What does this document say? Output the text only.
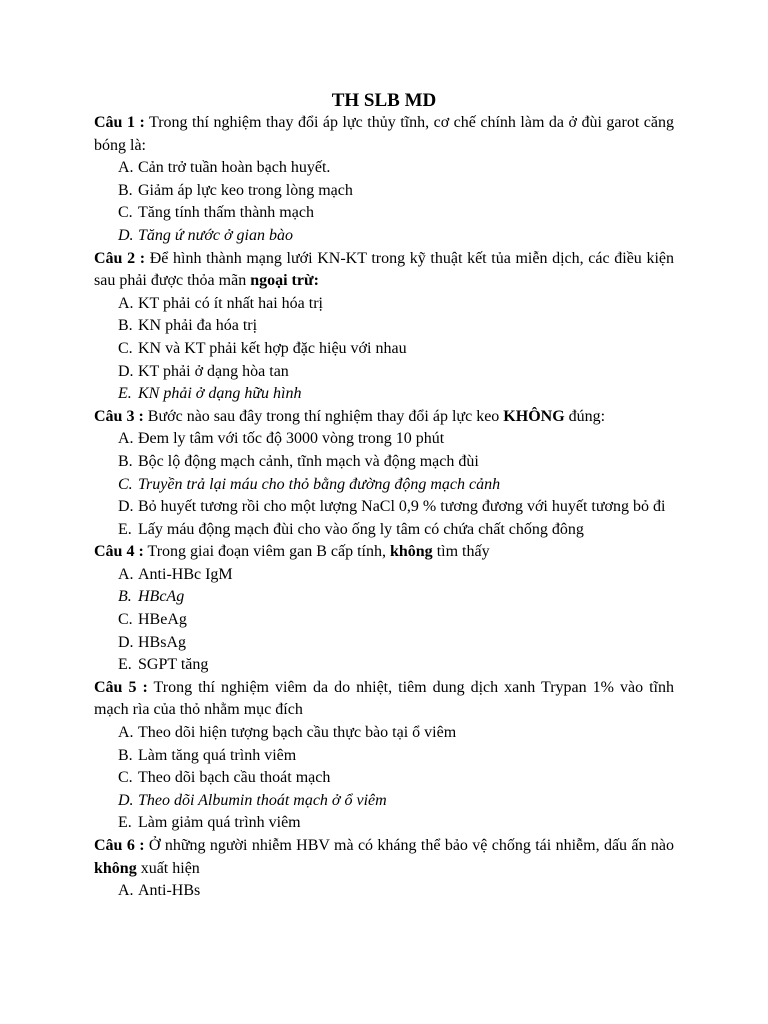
TH SLB MD
Câu 1 : Trong thí nghiệm thay đổi áp lực thủy tĩnh, cơ chế chính làm da ở đùi garot căng bóng là:
A. Cản trở tuần hoàn bạch huyết.
B. Giảm áp lực keo trong lòng mạch
C. Tăng tính thấm thành mạch
D. Tăng ứ nước ở gian bào
Câu 2 : Để hình thành mạng lưới KN-KT trong kỹ thuật kết tủa miễn dịch, các điều kiện sau phải được thỏa mãn ngoại trừ:
A. KT phải có ít nhất hai hóa trị
B. KN phải đa hóa trị
C. KN và KT phải kết hợp đặc hiệu với nhau
D. KT phải ở dạng hòa tan
E. KN phải ở dạng hữu hình
Câu 3 : Bước nào sau đây trong thí nghiệm thay đổi áp lực keo KHÔNG đúng:
A. Đem ly tâm với tốc độ 3000 vòng trong 10 phút
B. Bộc lộ động mạch cảnh, tĩnh mạch và động mạch đùi
C. Truyền trả lại máu cho thỏ bằng đường động mạch cảnh
D. Bỏ huyết tương rồi cho một lượng NaCl 0,9 % tương đương với huyết tương bỏ đi
E. Lấy máu động mạch đùi cho vào ống ly tâm có chứa chất chống đông
Câu 4 : Trong giai đoạn viêm gan B cấp tính, không tìm thấy
A. Anti-HBc IgM
B. HBcAg
C. HBeAg
D. HBsAg
E. SGPT tăng
Câu 5 : Trong thí nghiệm viêm da do nhiệt, tiêm dung dịch xanh Trypan 1% vào tĩnh mạch rìa của thỏ nhằm mục đích
A. Theo dõi hiện tượng bạch cầu thực bào tại ổ viêm
B. Làm tăng quá trình viêm
C. Theo dõi bạch cầu thoát mạch
D. Theo dõi Albumin thoát mạch ở ổ viêm
E. Làm giảm quá trình viêm
Câu 6 : Ở những người nhiễm HBV mà có kháng thể bảo vệ chống tái nhiễm, dấu ấn nào không xuất hiện
A. Anti-HBs
